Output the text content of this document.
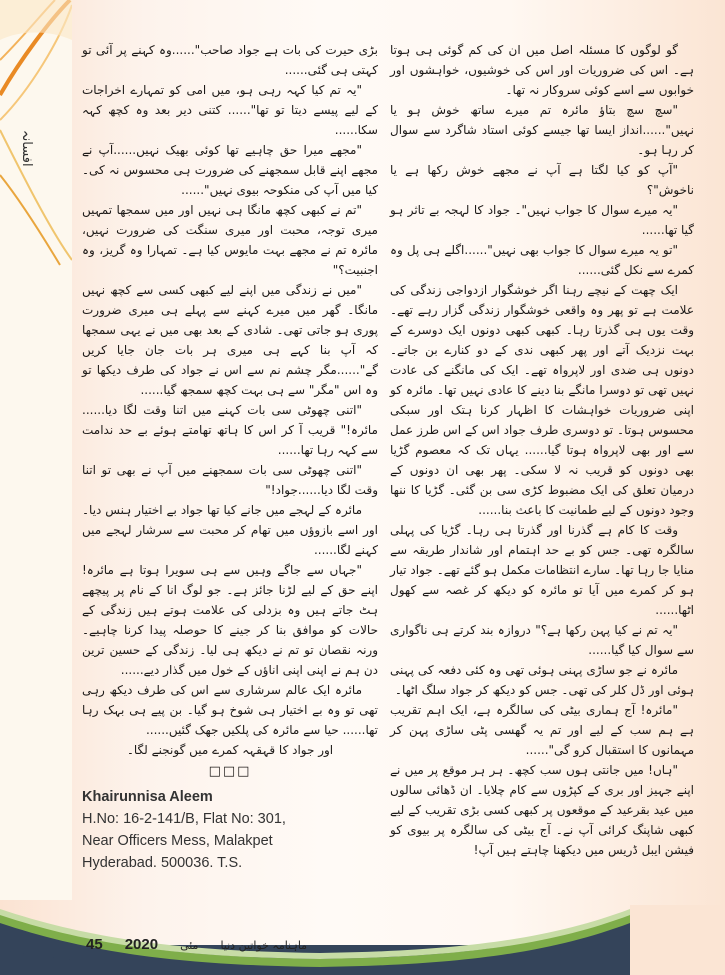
افسانہ

بڑی حیرت کی بات ہے جواد صاحب"......وہ کہنے پر آئی تو کہتی ہی گئی......

"یہ تم کیا کہہ رہی ہو، میں امی کو تمہارے اخراجات کے لیے پیسے دیتا تو تھا"...... کتنی دیر بعد وہ کچھ کہہ سکا......

"مجھے میرا حق چاہیے تھا کوئی بھیک نہیں......آپ نے مجھے اپنے قابل سمجھنے کی ضرورت ہی محسوس نہ کی۔ کیا میں آپ کی منکوحہ بیوی نہیں"......

"تم نے کبھی کچھ مانگا ہی نہیں اور میں سمجھا تمہیں میری توجہ، محبت اور میری سنگت کی ضرورت نہیں، مائرہ تم نے مجھے بہت مایوس کیا ہے۔ تمہارا وہ گریز، وہ اجنبیت؟"

"میں نے زندگی میں اپنے لیے کبھی کسی سے کچھ نہیں مانگا۔ گھر میں میرے کہنے سے پہلے ہی میری ضرورت پوری ہو جاتی تھی۔ شادی کے بعد بھی میں نے یہی سمجھا کہ آپ بنا کہے ہی میری ہر بات جان جایا کریں گے"......مگر چشم نم سے اس نے جواد کی طرف دیکھا تو وہ اس "مگر" سے ہی بہت کچھ سمجھ گیا......

"اتنی چھوٹی سی بات کہنے میں اتنا وقت لگا دیا...... مائرہ!" قریب آ کر اس کا ہاتھ تھامتے ہوئے بے حد ندامت سے کہہ رہا تھا......

"اتنی چھوٹی سی بات سمجھنے میں آپ نے بھی تو اتنا وقت لگا دیا......جواد!"

مائرہ کے لہجے میں جانے کیا تھا جواد بے اختیار ہنس دیا۔ اور اسے بازوؤں میں تھام کر محبت سے سرشار لہجے میں کہنے لگا......

"جہاں سے جاگے وہیں سے ہی سویرا ہوتا ہے مائرہ! اپنے حق کے لیے لڑنا جائز ہے۔ جو لوگ انا کے نام پر پیچھے ہٹ جاتے ہیں وہ بزدلی کی علامت ہوتے ہیں زندگی کے حالات کو موافق بنا کر جینے کا حوصلہ پیدا کرنا چاہیے۔ ورنہ نقصان تو تم نے دیکھ ہی لیا۔ زندگی کے حسین ترین دن ہم نے اپنی اپنی اناؤں کے خول میں گذار دیے......

مائرہ ایک عالم سرشاری سے اس کی طرف دیکھ رہی تھی تو وہ بے اختیار ہی شوخ ہو گیا۔ بن پیے ہی بہک رہا تھا...... حیا سے مائرہ کی پلکیں جھک گئیں......

اور جواد کا قہقہہ کمرے میں گونجنے لگا۔

□□□
Khairunnisa Aleem
H.No: 16-2-141/B, Flat No: 301,
Near Officers Mess, Malakpet
Hyderabad. 500036. T.S.

گو لوگوں کا مسئلہ اصل میں ان کی کم گوئی ہی ہوتا ہے۔ اس کی ضروریات اور اس کی خوشیوں، خواہشوں اور خوابوں سے اسے کوئی سروکار نہ تھا۔

"سچ سچ بتاؤ مائرہ تم میرے ساتھ خوش ہو یا نہیں"......انداز ایسا تھا جیسے کوئی استاد شاگرد سے سوال کر رہا ہو۔

"آپ کو کیا لگتا ہے آپ نے مجھے خوش رکھا ہے یا ناخوش"؟

"یہ میرے سوال کا جواب نہیں"۔ جواد کا لہجہ بے تاثر ہو گیا تھا......

"تو یہ میرے سوال کا جواب بھی نہیں"......اگلے ہی پل وہ کمرے سے نکل گئی......

ایک چھت کے نیچے رہنا اگر خوشگوار ازدواجی زندگی کی علامت ہے تو پھر وہ واقعی خوشگوار زندگی گزار رہے تھے۔ وقت یوں ہی گذرتا رہا۔ کبھی کبھی دونوں ایک دوسرے کے بہت نزدیک آتے اور پھر کبھی ندی کے دو کنارے بن جاتے۔ دونوں ہی ضدی اور لاپرواہ تھے۔ ایک کی مانگنے کی عادت نہیں تھی تو دوسرا مانگے بنا دینے کا عادی نہیں تھا۔ مائرہ کو اپنی ضروریات خواہشات کا اظہار کرنا ہتک اور سبکی محسوس ہوتا۔ تو دوسری طرف جواد اس کے اس طرز عمل سے اور بھی لاپرواہ ہوتا گیا...... یہاں تک کہ معصوم گڑیا بھی دونوں کو قریب نہ لا سکی۔ پھر بھی ان دونوں کے درمیان تعلق کی ایک مضبوط کڑی سی بن گئی۔ گڑیا کا ننھا وجود دونوں کے لیے طمانیت کا باعث بنا......

وقت کا کام ہے گذرنا اور گذرتا ہی رہا۔ گڑیا کی پہلی سالگرہ تھی۔ جس کو بے حد اہتمام اور شاندار طریقہ سے منایا جا رہا تھا۔ سارے انتظامات مکمل ہو گئے تھے۔ جواد تیار ہو کر کمرے میں آیا تو مائرہ کو دیکھ کر غصہ سے کھول اٹھا......

"یہ تم نے کیا پہن رکھا ہے؟" دروازہ بند کرتے ہی ناگواری سے سوال کیا گیا......

مائرہ نے جو ساڑی پہنی ہوئی تھی وہ کئی دفعہ کی پہنی ہوئی اور ڈل کلر کی تھی۔ جس کو دیکھ کر جواد سلگ اٹھا۔

"مائرہ! آج ہماری بیٹی کی سالگرہ ہے، ایک اہم تقریب ہے ہم سب کے لیے اور تم یہ گھسی پٹی ساڑی پہن کر مہمانوں کا استقبال کرو گی"......

"ہاں! میں جانتی ہوں سب کچھ۔ ہر ہر موقع پر میں نے اپنے جہیز اور بری کے کپڑوں سے کام چلایا۔ ان ڈھائی سالوں میں عید بقرعید کے موقعوں پر کبھی کسی بڑی تقریب کے لیے کبھی شاپنگ کرائی آپ نے۔ آج بیٹی کی سالگرہ پر بیوی کو فیشن ایبل ڈریس میں دیکھنا چاہتے ہیں آپ!

45 2020 مئی ماہنامہ خواتین دنیا
